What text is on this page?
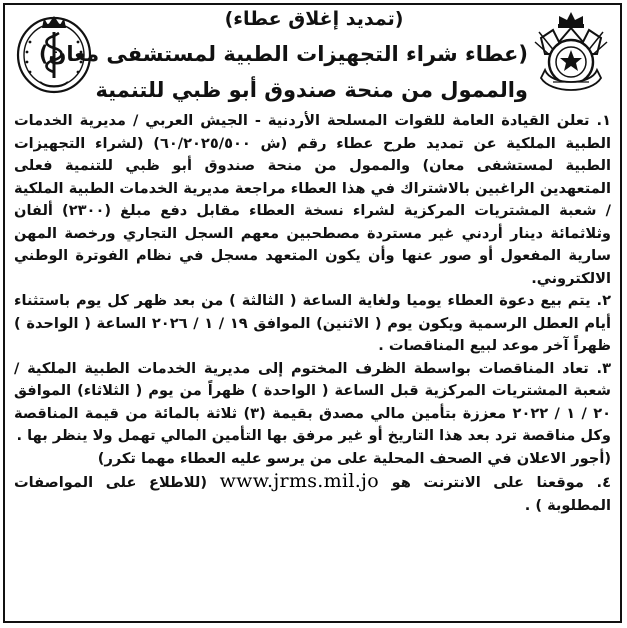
(تمديد إغلاق عطاء)
(عطاء شراء التجهيزات الطبية لمستشفى معان)
والممول من منحة صندوق أبو ظبي للتنمية

١. تعلن القيادة العامة للقوات المسلحة الأردنية - الجيش العربي / مديرية الخدمات الطبية الملكية عن تمديد طرح عطاء رقم (ش ٦٠/٢٠٢٥/٥٠٠) (لشراء التجهيزات الطبية لمستشفى معان) والممول من منحة صندوق أبو ظبي للتنمية فعلى المتعهدين الراغبين بالاشتراك في هذا العطاء مراجعة مديرية الخدمات الطبية الملكية / شعبة المشتريات المركزية لشراء نسخة العطاء مقابل دفع مبلغ (٢٣٠٠) ألفان وثلاثمائة دينار أردني غير مستردة مصطحبين معهم السجل التجاري ورخصة المهن سارية المفعول أو صور عنها وأن يكون المتعهد مسجل في نظام الفوترة الوطني الالكتروني.

٢. يتم بيع دعوة العطاء يوميا ولغاية الساعة ( الثالثة ) من بعد ظهر كل يوم باستثناء أيام العطل الرسمية ويكون يوم ( الاثنين) الموافق ١٩ / ١ / ٢٠٢٦ الساعة ( الواحدة ) ظهراً آخر موعد لبيع المناقصات .

٣. تعاد المناقصات بواسطة الظرف المختوم إلى مديرية الخدمات الطبية الملكية / شعبة المشتريات المركزية قبل الساعة ( الواحدة ) ظهراً من يوم ( الثلاثاء) الموافق ٢٠ / ١ / ٢٠٢٢ معززة بتأمين مالي مصدق بقيمة (٣) ثلاثة بالمائة من قيمة المناقصة وكل مناقصة ترد بعد هذا التاريخ أو غير مرفق بها التأمين المالي تهمل ولا ينظر بها .

(أجور الاعلان في الصحف المحلية على من يرسو عليه العطاء مهما تكرر)

٤. موقعنا على الانترنت هو www.jrms.mil.jo (للاطلاع على المواصفات المطلوبة ) .
